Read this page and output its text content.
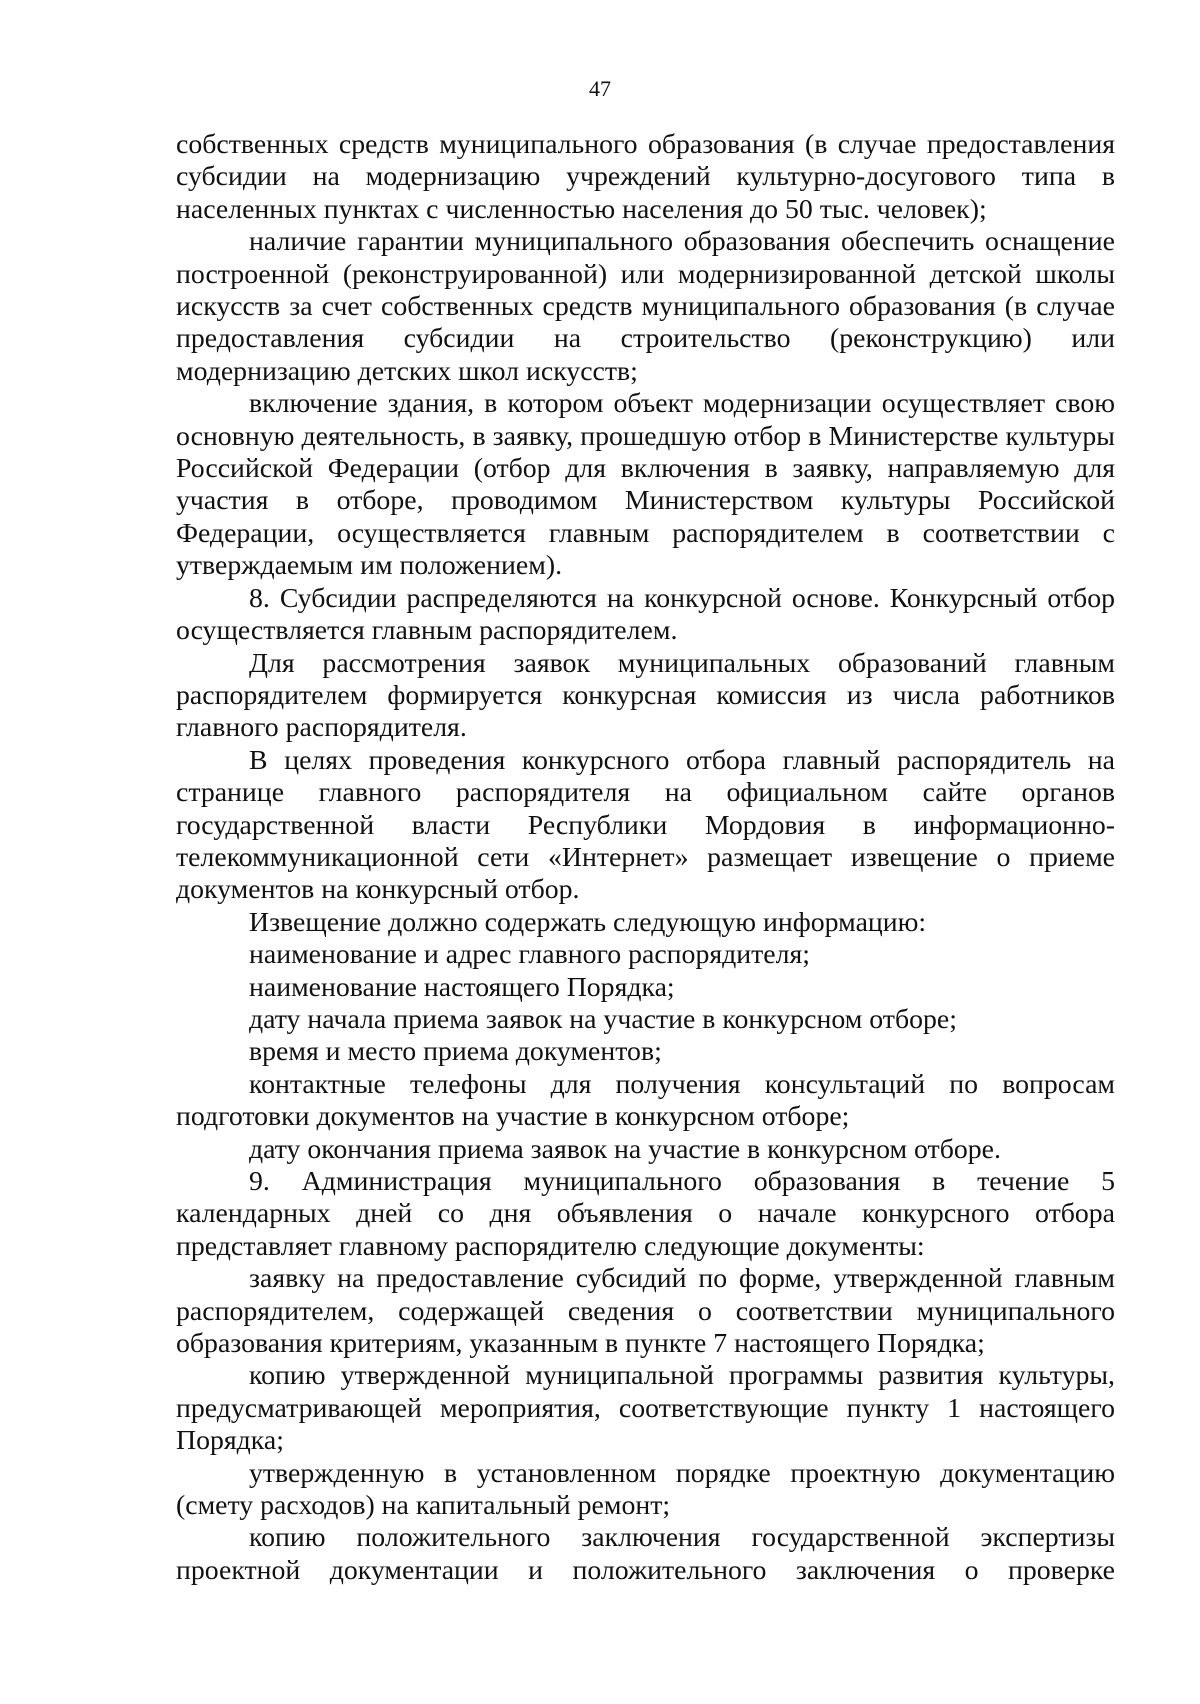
47

собственных средств муниципального образования (в случае предоставления субсидии на модернизацию учреждений культурно-досугового типа в населенных пунктах с численностью населения до 50 тыс. человек);

наличие гарантии муниципального образования обеспечить оснащение построенной (реконструированной) или модернизированной детской школы искусств за счет собственных средств муниципального образования (в случае предоставления субсидии на строительство (реконструкцию) или модернизацию детских школ искусств;

включение здания, в котором объект модернизации осуществляет свою основную деятельность, в заявку, прошедшую отбор в Министерстве культуры Российской Федерации (отбор для включения в заявку, направляемую для участия в отборе, проводимом Министерством культуры Российской Федерации, осуществляется главным распорядителем в соответствии с утверждаемым им положением).

8. Субсидии распределяются на конкурсной основе. Конкурсный отбор осуществляется главным распорядителем.

Для рассмотрения заявок муниципальных образований главным распорядителем формируется конкурсная комиссия из числа работников главного распорядителя.

В целях проведения конкурсного отбора главный распорядитель на странице главного распорядителя на официальном сайте органов государственной власти Республики Мордовия в информационно-телекоммуникационной сети «Интернет» размещает извещение о приеме документов на конкурсный отбор.

Извещение должно содержать следующую информацию:

наименование и адрес главного распорядителя;

наименование настоящего Порядка;

дату начала приема заявок на участие в конкурсном отборе;

время и место приема документов;

контактные телефоны для получения консультаций по вопросам подготовки документов на участие в конкурсном отборе;

дату окончания приема заявок на участие в конкурсном отборе.

9. Администрация муниципального образования в течение 5 календарных дней со дня объявления о начале конкурсного отбора представляет главному распорядителю следующие документы:

заявку на предоставление субсидий по форме, утвержденной главным распорядителем, содержащей сведения о соответствии муниципального образования критериям, указанным в пункте 7 настоящего Порядка;

копию утвержденной муниципальной программы развития культуры, предусматривающей мероприятия, соответствующие пункту 1 настоящего Порядка;

утвержденную в установленном порядке проектную документацию (смету расходов) на капитальный ремонт;

копию положительного заключения государственной экспертизы проектной документации и положительного заключения о проверке
